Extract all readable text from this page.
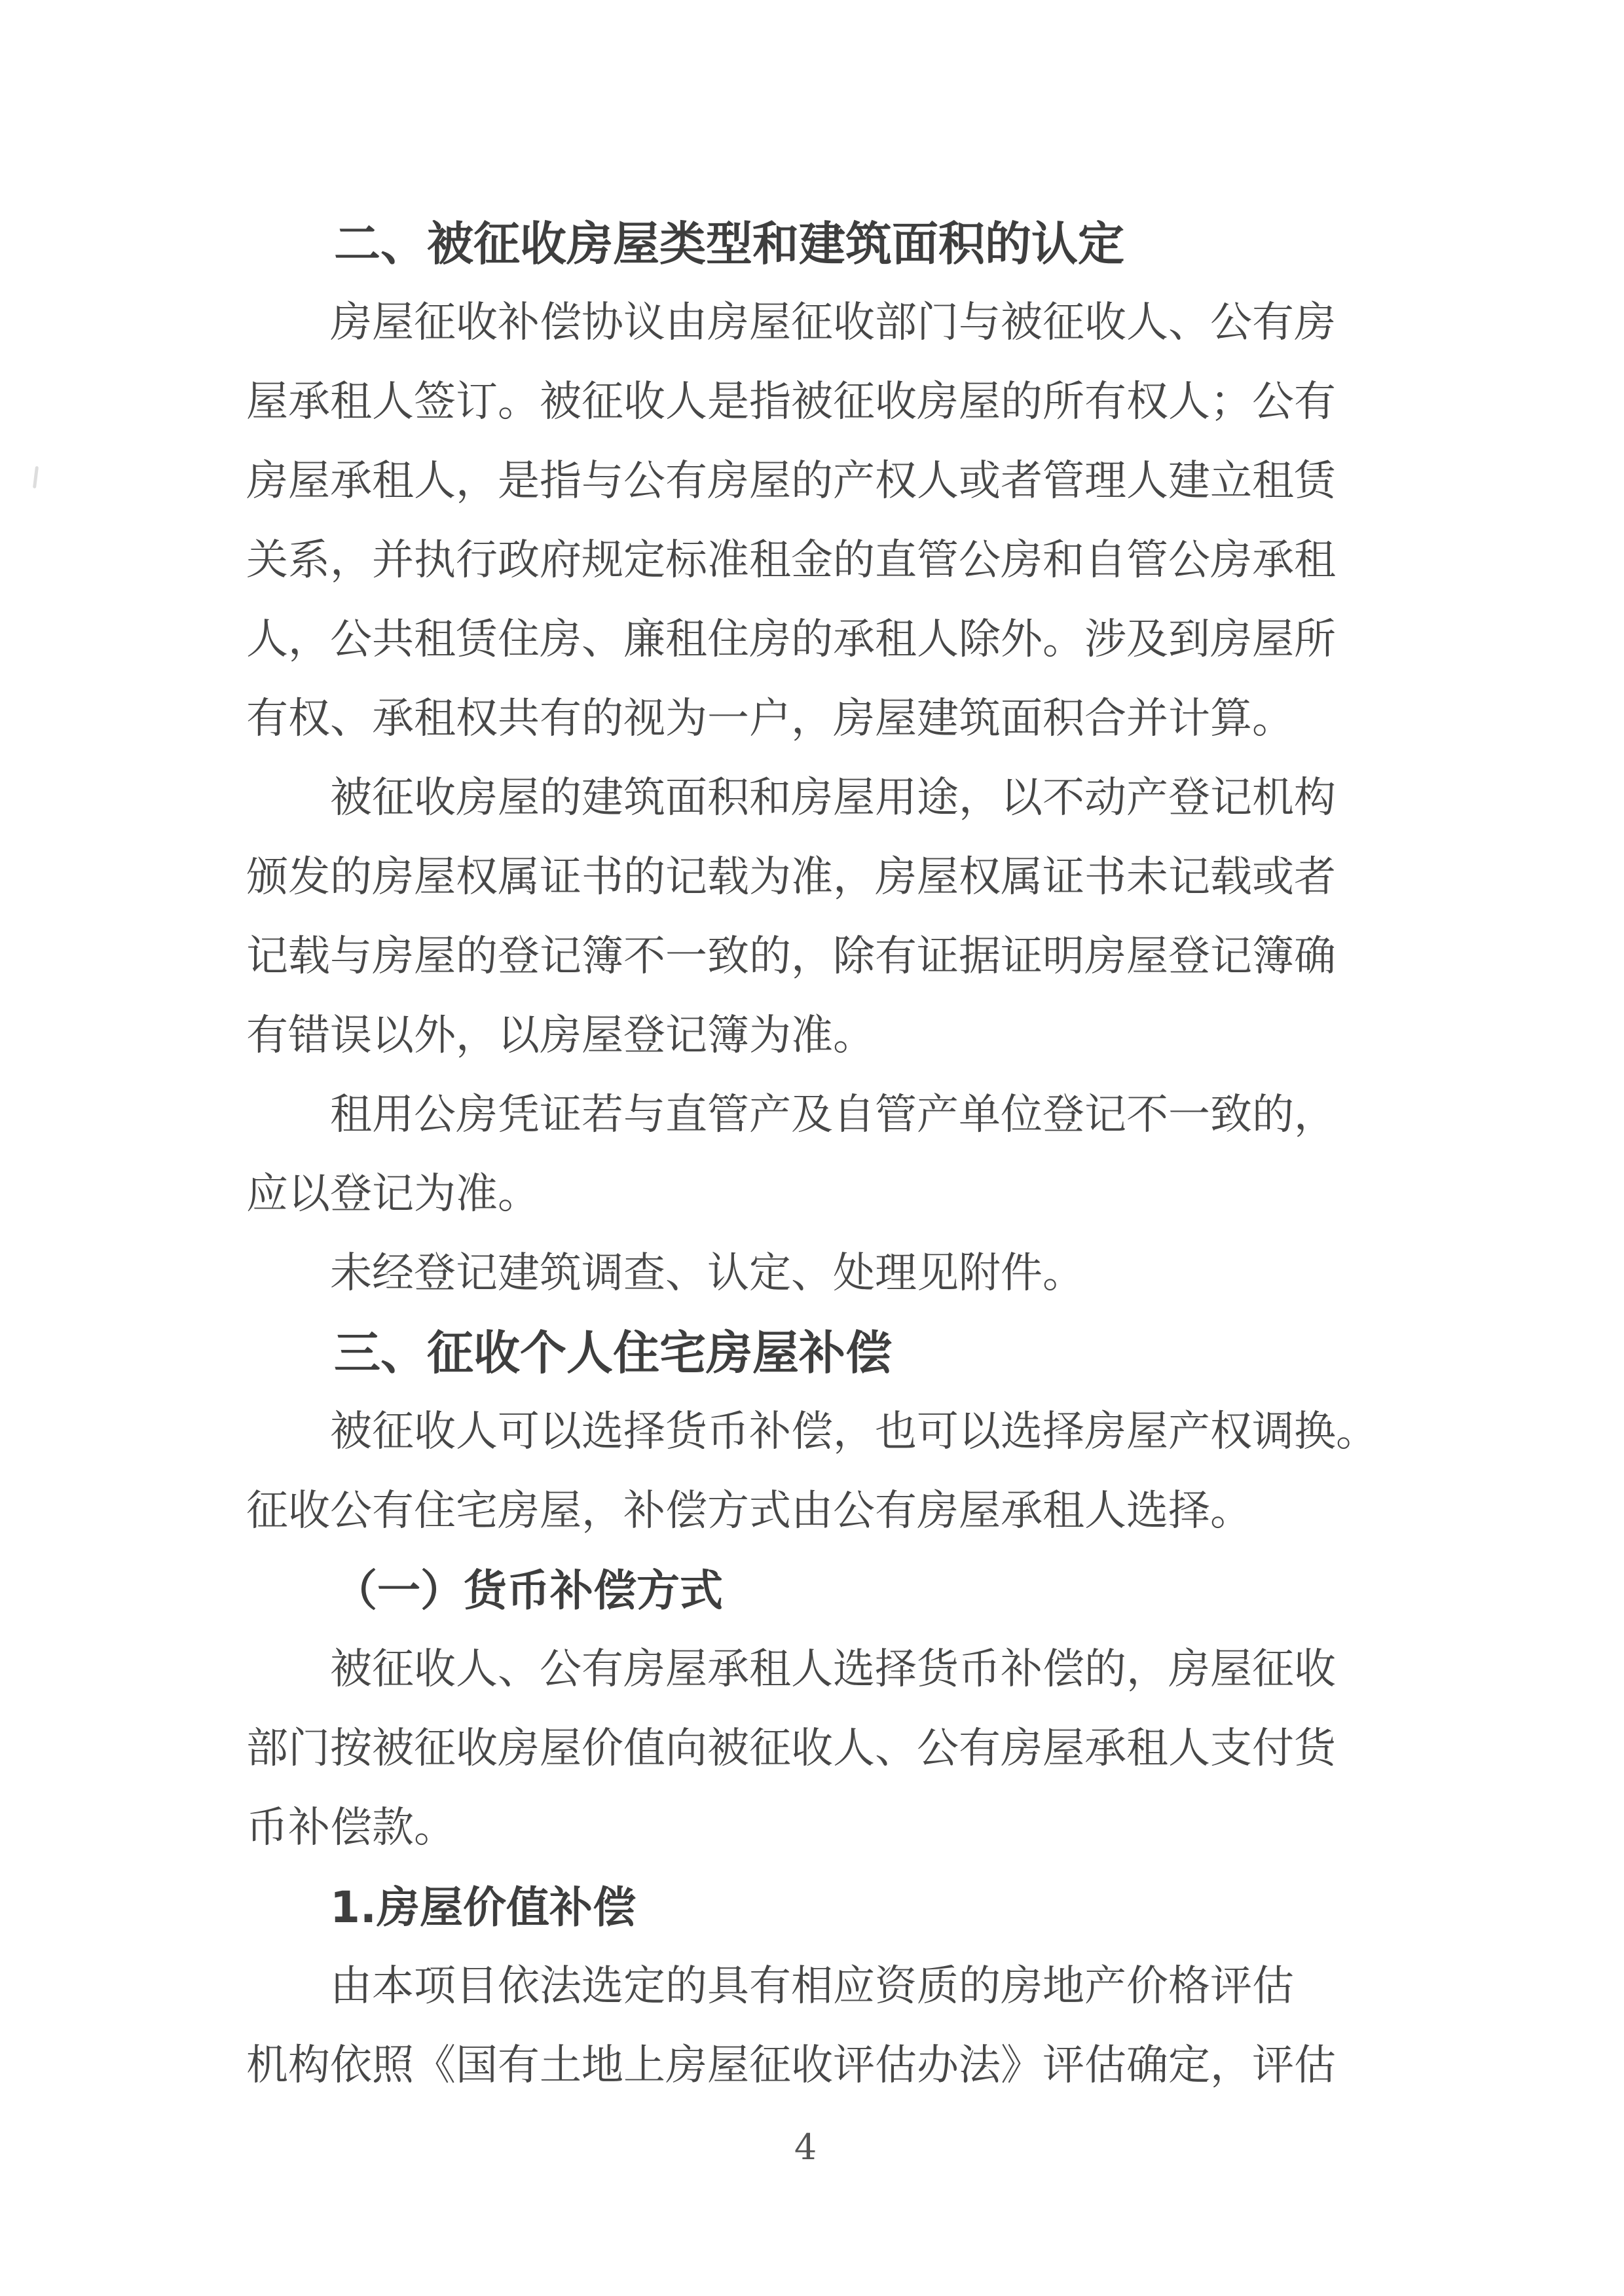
二、被征收房屋类型和建筑面积的认定
房屋征收补偿协议由房屋征收部门与被征收人、公有房
屋承租人签订。被征收人是指被征收房屋的所有权人；公有
房屋承租人，是指与公有房屋的产权人或者管理人建立租赁
关系，并执行政府规定标准租金的直管公房和自管公房承租
人，公共租赁住房、廉租住房的承租人除外。涉及到房屋所
有权、承租权共有的视为一户，房屋建筑面积合并计算。
被征收房屋的建筑面积和房屋用途，以不动产登记机构
颁发的房屋权属证书的记载为准，房屋权属证书未记载或者
记载与房屋的登记簿不一致的，除有证据证明房屋登记簿确
有错误以外，以房屋登记簿为准。
租用公房凭证若与直管产及自管产单位登记不一致的，
应以登记为准。
未经登记建筑调查、认定、处理见附件。
三、征收个人住宅房屋补偿
被征收人可以选择货币补偿，也可以选择房屋产权调换。
征收公有住宅房屋，补偿方式由公有房屋承租人选择。
（一）货币补偿方式
被征收人、公有房屋承租人选择货币补偿的，房屋征收
部门按被征收房屋价值向被征收人、公有房屋承租人支付货
币补偿款。
1.房屋价值补偿
由本项目依法选定的具有相应资质的房地产价格评估
机构依照《国有土地上房屋征收评估办法》评估确定，评估
4
